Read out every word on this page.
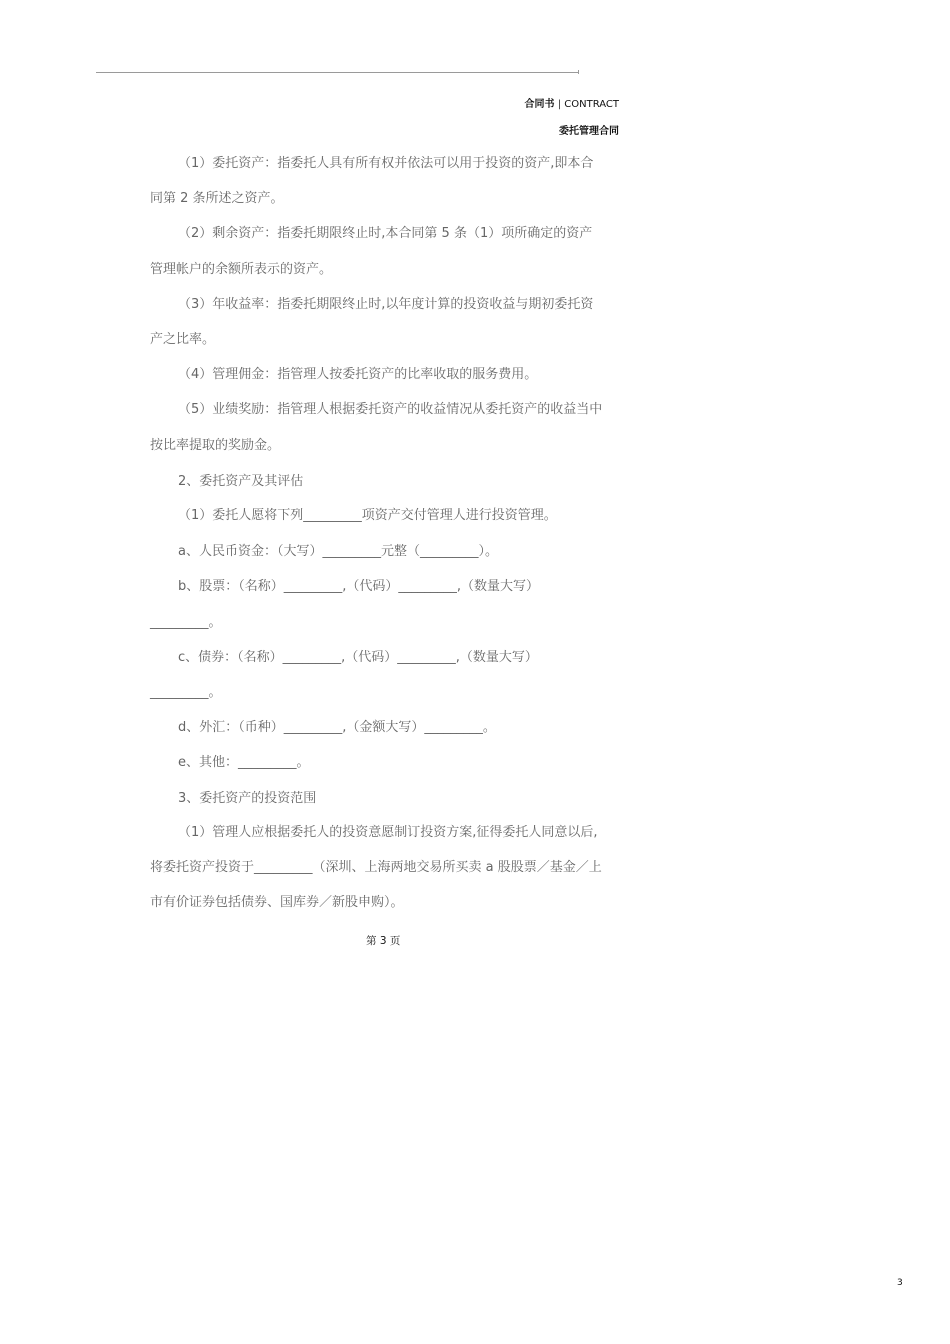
合同书 | CONTRACT
委托管理合同
（1）委托资产：指委托人具有所有权并依法可以用于投资的资产,即本合
同第 2 条所述之资产。
（2）剩余资产：指委托期限终止时,本合同第 5 条（1）项所确定的资产
管理帐户的余额所表示的资产。
（3）年收益率：指委托期限终止时,以年度计算的投资收益与期初委托资
产之比率。
（4）管理佣金：指管理人按委托资产的比率收取的服务费用。
（5）业绩奖励：指管理人根据委托资产的收益情况从委托资产的收益当中
按比率提取的奖励金。
2、委托资产及其评估
（1）委托人愿将下列_________项资产交付管理人进行投资管理。
a、人民币资金：（大写）_________元整（_________）。
b、股票：（名称）_________,（代码）_________,（数量大写）
_________。
c、债券：（名称）_________,（代码）_________,（数量大写）
_________。
d、外汇：（币种）_________,（金额大写）_________。
e、其他：_________。
3、委托资产的投资范围
（1）管理人应根据委托人的投资意愿制订投资方案,征得委托人同意以后,
将委托资产投资于_________（深圳、上海两地交易所买卖 a 股股票／基金／上
市有价证券包括债券、国库券／新股申购）。
第 3 页
3
